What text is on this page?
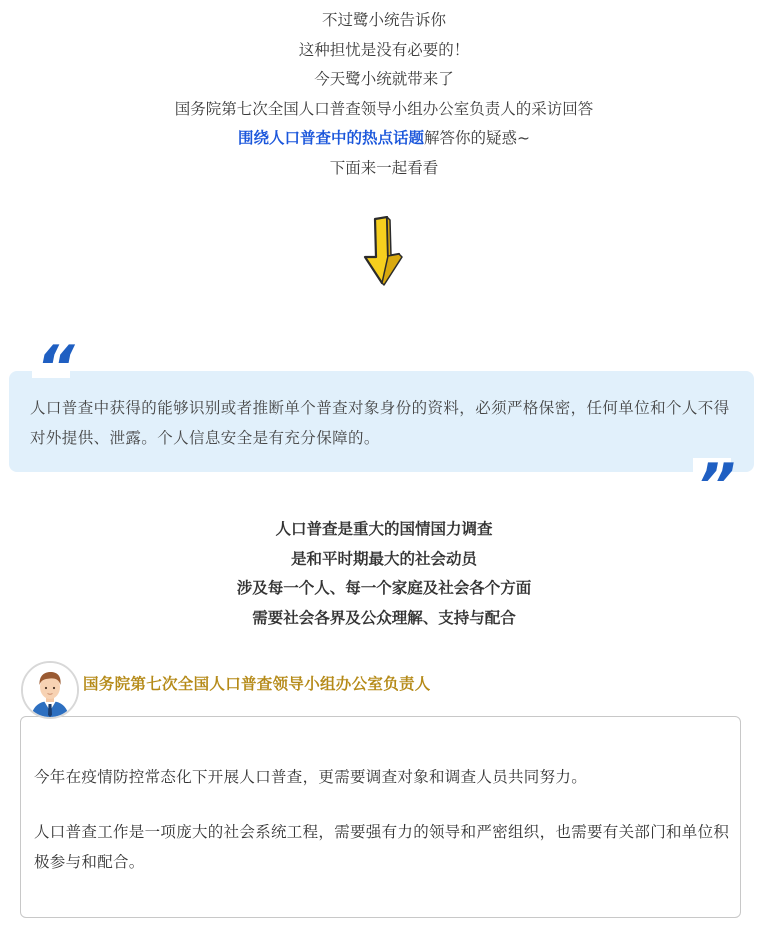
不过鹭小统告诉你
这种担忧是没有必要的！
今天鹭小统就带来了
国务院第七次全国人口普查领导小组办公室负责人的采访回答
围绕人口普查中的热点话题解答你的疑惑~
下面来一起看看
“
人口普查中获得的能够识别或者推断单个普查对象身份的资料，必须严格保密，任何单位和个人不得对外提供、泄露。个人信息安全是有充分保障的。
”
人口普查是重大的国情国力调查
是和平时期最大的社会动员
涉及每一个人、每一个家庭及社会各个方面
需要社会各界及公众理解、支持与配合
国务院第七次全国人口普查领导小组办公室负责人
今年在疫情防控常态化下开展人口普查，更需要调查对象和调查人员共同努力。
人口普查工作是一项庞大的社会系统工程，需要强有力的领导和严密组织，也需要有关部门和单位积极参与和配合。
